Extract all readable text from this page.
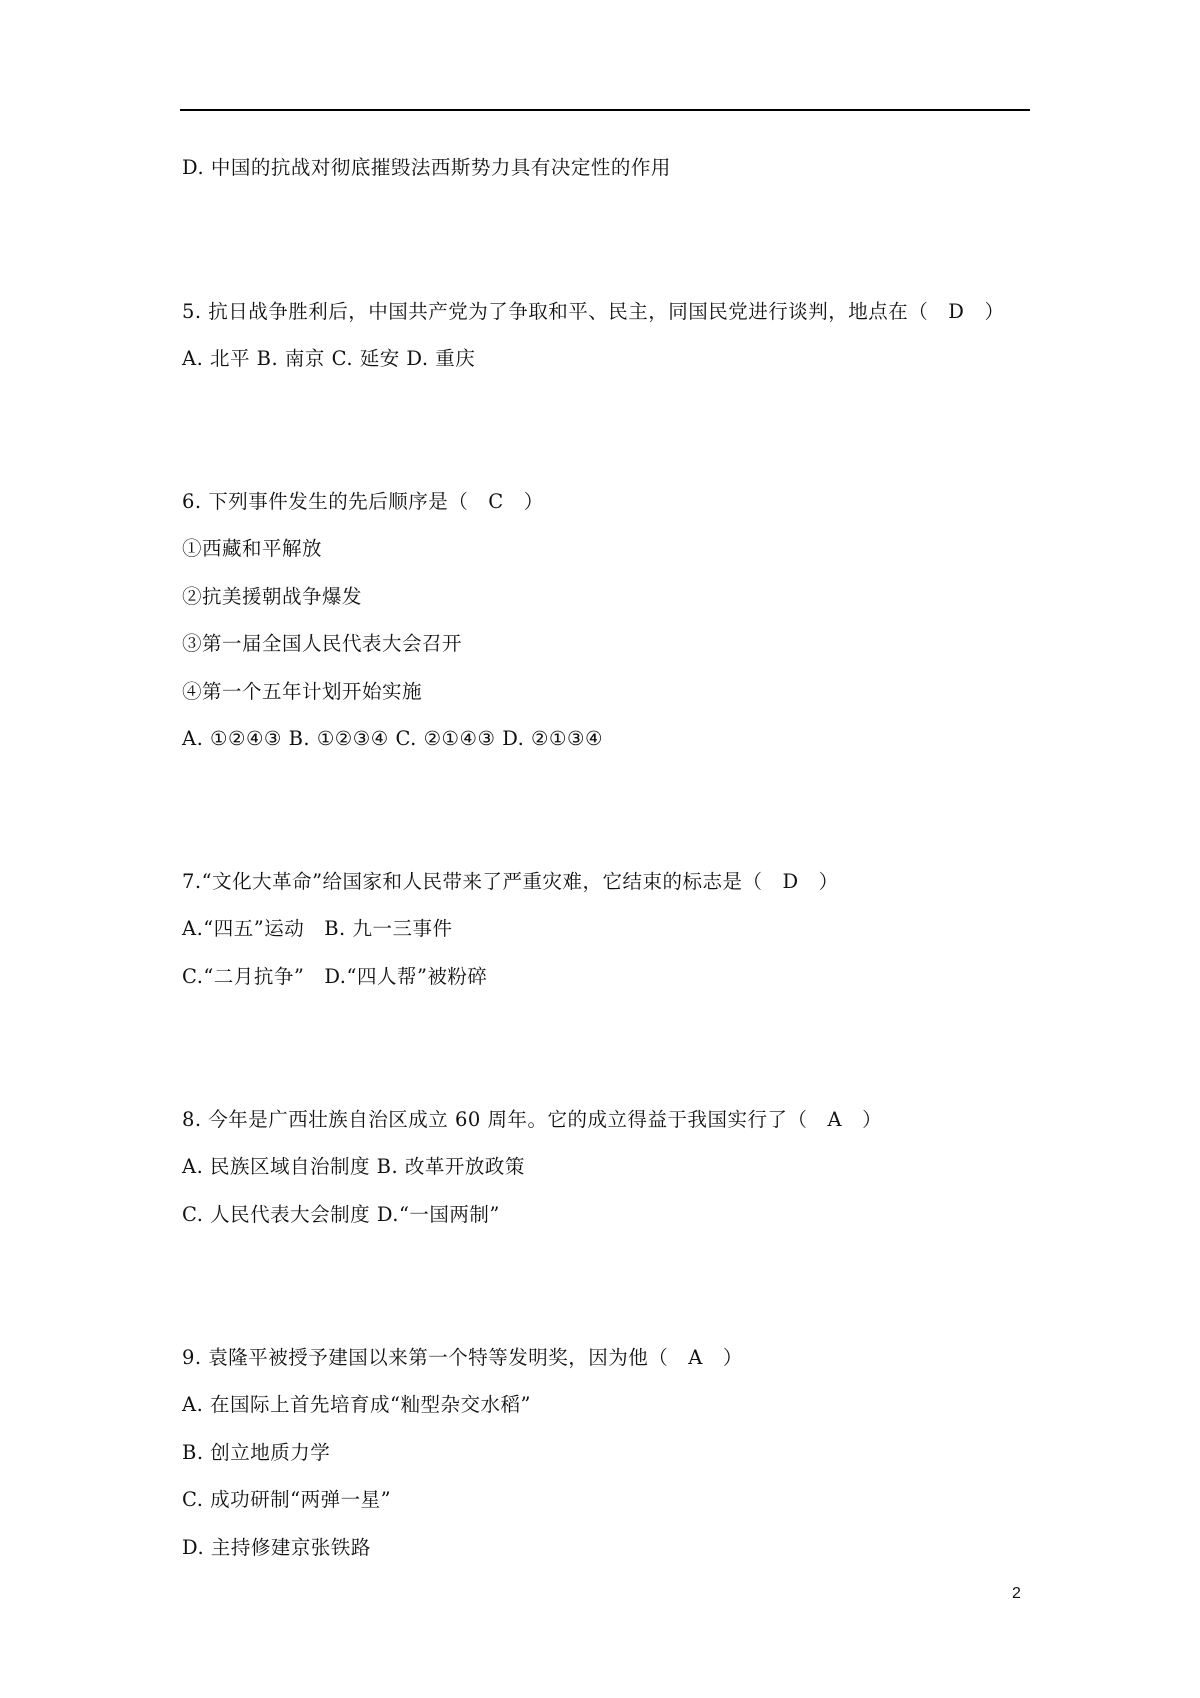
D. 中国的抗战对彻底摧毁法西斯势力具有决定性的作用
5. 抗日战争胜利后，中国共产党为了争取和平、民主，同国民党进行谈判，地点在（　D　）
A. 北平 B. 南京 C. 延安 D. 重庆
6. 下列事件发生的先后顺序是（　C　）
①西藏和平解放
②抗美援朝战争爆发
③第一届全国人民代表大会召开
④第一个五年计划开始实施
A. ①②④③ B. ①②③④ C. ②①④③ D. ②①③④
7.“文化大革命”给国家和人民带来了严重灾难，它结束的标志是（　D　）
A.“四五”运动　B. 九一三事件
C.“二月抗争”　D.“四人帮”被粉碎
8. 今年是广西壮族自治区成立 60 周年。它的成立得益于我国实行了（　A　）
A. 民族区域自治制度 B. 改革开放政策
C. 人民代表大会制度 D.“一国两制”
9. 袁隆平被授予建国以来第一个特等发明奖，因为他（　A　）
A. 在国际上首先培育成“籼型杂交水稻”
B. 创立地质力学
C. 成功研制“两弹一星”
D. 主持修建京张铁路
2
